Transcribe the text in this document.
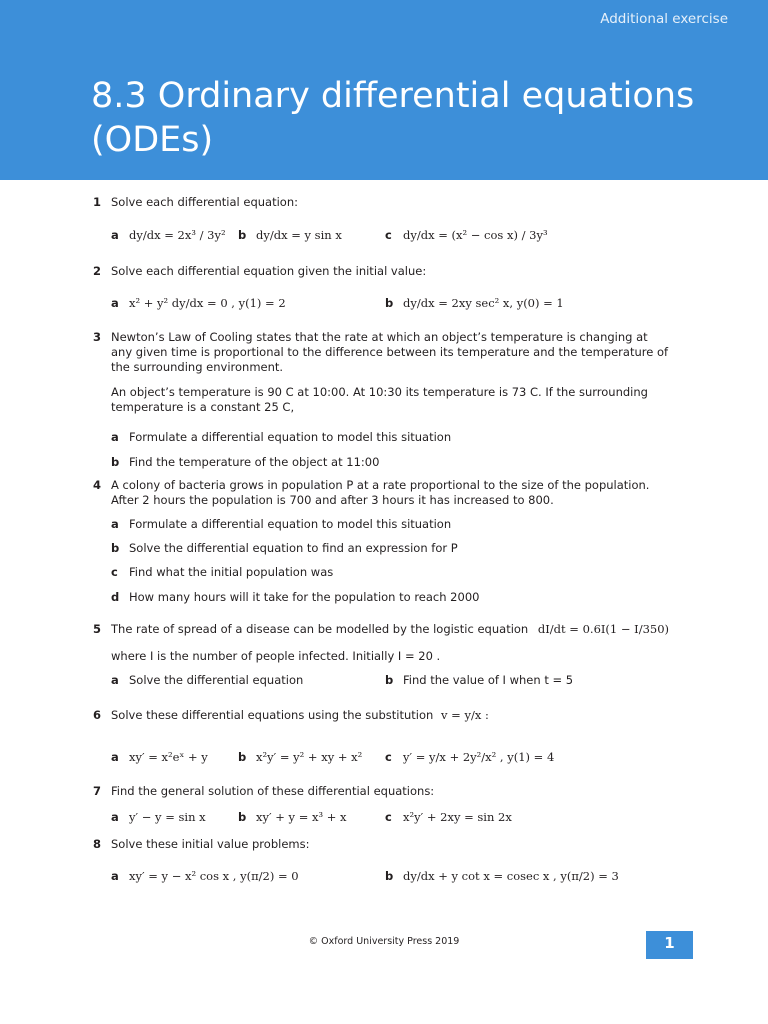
Additional exercise
8.3 Ordinary differential equations (ODEs)
1 Solve each differential equation:
a dy/dx = 2x³ / 3y² b dy/dx = y sin x	c dy/dx = (x² − cos x) / 3y³
2 Solve each differential equation given the initial value:
a x² + y² dy/dx = 0 , y(1) = 2	b dy/dx = 2xy sec² x, y(0) = 1
3 Newton’s Law of Cooling states that the rate at which an object’s temperature is changing at any given time is proportional to the difference between its temperature and the temperature of the surrounding environment.
An object’s temperature is 90 C at 10:00. At 10:30 its temperature is 73 C. If the surrounding temperature is a constant 25 C,
a Formulate a differential equation to model this situation
b Find the temperature of the object at 11:00
4 A colony of bacteria grows in population P at a rate proportional to the size of the population. After 2 hours the population is 700 and after 3 hours it has increased to 800.
a Formulate a differential equation to model this situation
b Solve the differential equation to find an expression for P
c Find what the initial population was
d How many hours will it take for the population to reach 2000
5 The rate of spread of a disease can be modelled by the logistic equation dI/dt = 0.6I(1 − I/350)
where I is the number of people infected. Initially I = 20 .
a Solve the differential equation	b Find the value of I when t = 5
6 Solve these differential equations using the substitution v = y/x :
a xy′ = x²eˣ + y	b x²y′ = y² + xy + x² c y′ = y/x + 2y²/x² , y(1) = 4
7 Find the general solution of these differential equations:
a y′ − y = sin x	b xy′ + y = x³ + x	c x²y′ + 2xy = sin 2x
8 Solve these initial value problems:
a xy′ = y − x² cos x , y(π/2) = 0	b dy/dx + y cot x = cosec x , y(π/2) = 3
© Oxford University Press 2019	1
